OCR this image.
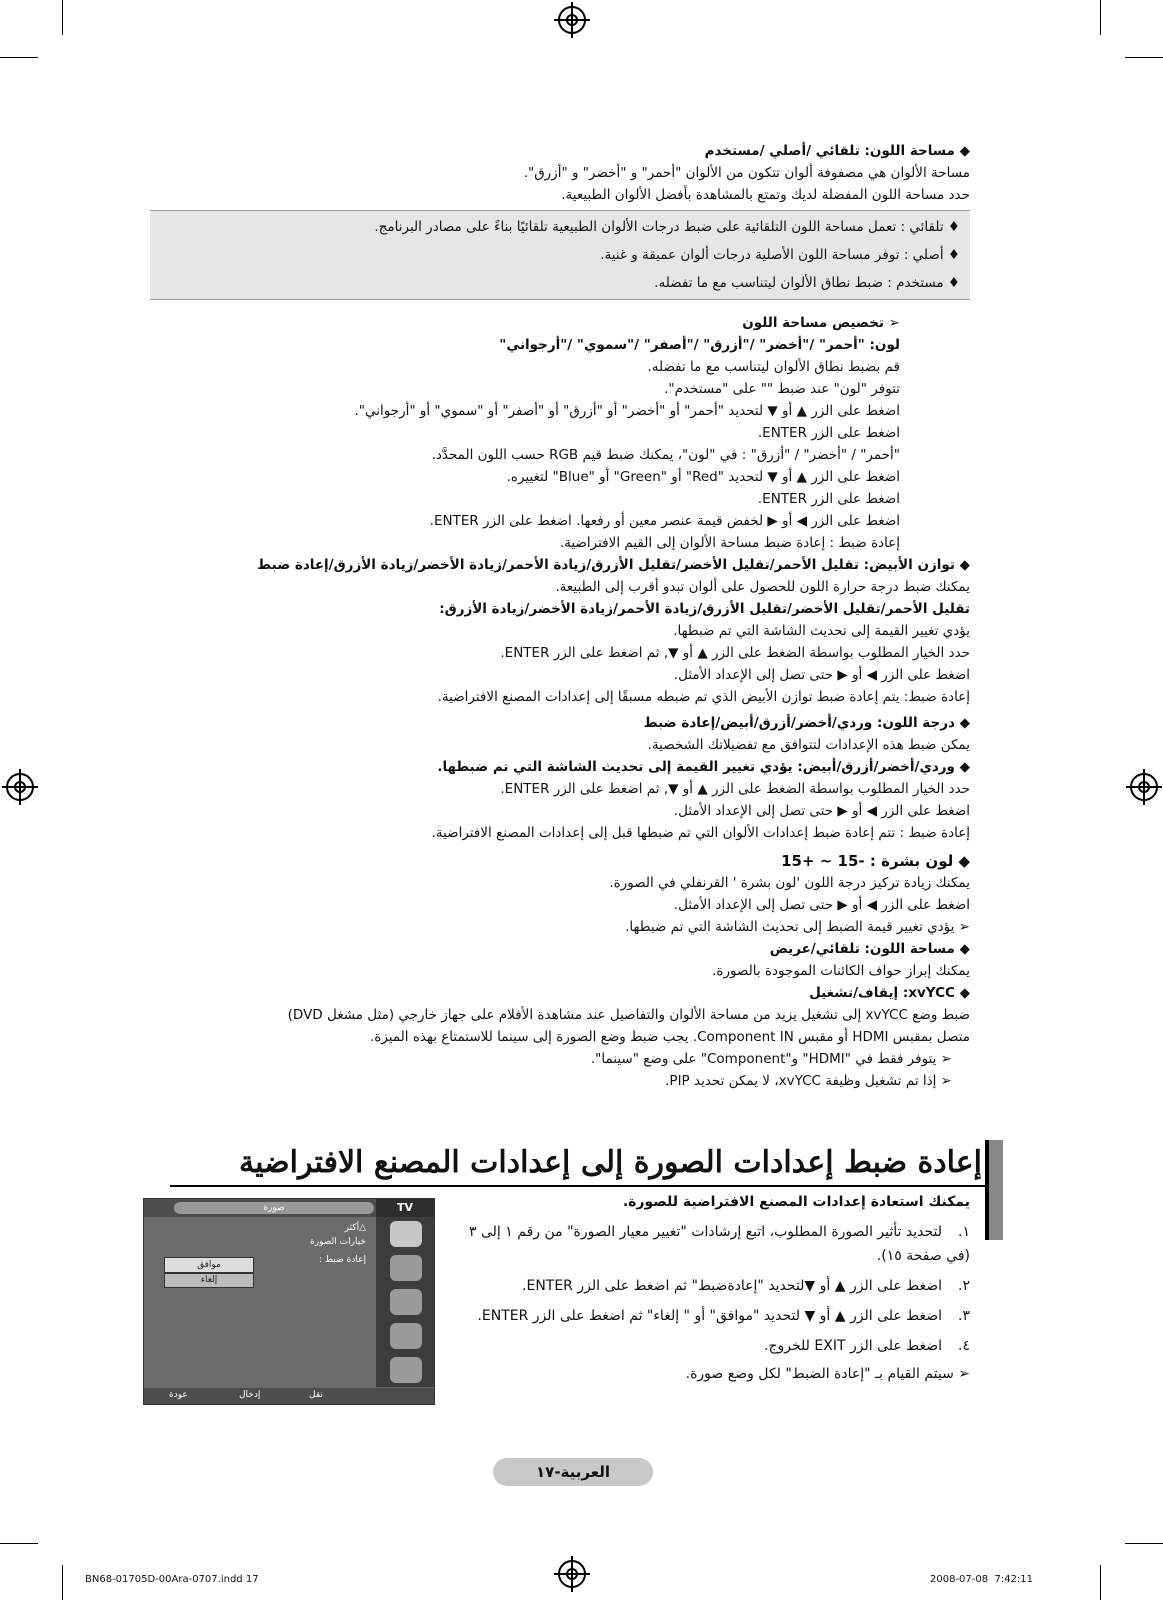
◆ مساحة اللون: تلقائي /أصلي /مستخدم
مساحة الألوان هي مصفوفة ألوان تتكون من الألوان "أحمر" و "أخضر" و "أزرق".
حدد مساحة اللون المفضلة لديك وتمتع بالمشاهدة بأفضل الألوان الطبيعية.
♦ تلقائي : تعمل مساحة اللون التلقائية على ضبط درجات الألوان الطبيعية تلقائيًا بناءً على مصادر البرنامج.
♦ أصلي : توفر مساحة اللون الأصلية درجات ألوان عميقة و غنية.
♦ مستخدم : ضبط نطاق الألوان ليتناسب مع ما تفضله.
➢ تخصيص مساحة اللون
لون: "أحمر" /"أخضر" /"أزرق" /"أصفر" /"سموي" /"أرجواني"
قم بضبط نطاق الألوان ليتناسب مع ما تفضله.
تتوفر "لون" عند ضبط "" على "مستخدم".
اضغط على الزر ▲ أو ▼ لتحديد "أحمر" أو "أخضر" أو "أزرق" أو "أصفر" أو "سموي" أو "أرجواني".
اضغط على الزر ENTER.
"أحمر" / "أخضر" / "أزرق" : في "لون"، يمكنك ضبط قيم RGB حسب اللون المحدَّد.
اضغط على الزر ▲ أو ▼ لتحديد "Red" أو "Green" أو "Blue" لتغييره.
اضغط على الزر ENTER.
اضغط على الزر ◀ أو ▶ لخفض قيمة عنصر معين أو رفعها. اضغط على الزر ENTER.
إعادة ضبط : إعادة ضبط مساحة الألوان إلى القيم الافتراضية.
◆ توازن الأبيض: تقليل الأحمر/تقليل الأخضر/تقليل الأزرق/زيادة الأحمر/زيادة الأخضر/زيادة الأزرق/إعادة ضبط
يمكنك ضبط درجة حرارة اللون للحصول على ألوان تبدو أقرب إلى الطبيعة.
تقليل الأحمر/تقليل الأخضر/تقليل الأزرق/زيادة الأحمر/زيادة الأخضر/زيادة الأزرق:
يؤدي تغيير القيمة إلى تحديث الشاشة التي تم ضبطها.
حدد الخيار المطلوب بواسطة الضغط على الزر ▲ أو ▼, ثم اضغط على الزر ENTER.
اضغط على الزر ◀ أو ▶ حتى تصل إلى الإعداد الأمثل.
إعادة ضبط: يتم إعادة ضبط توازن الأبيض الذي تم ضبطه مسبقًا إلى إعدادات المصنع الافتراضية.
◆ درجة اللون: وردي/أخضر/أزرق/أبيض/إعادة ضبط
يمكن ضبط هذه الإعدادات لتتوافق مع تفضيلاتك الشخصية.
◆ وردي/أخضر/أزرق/أبيض: يؤدي تغيير القيمة إلى تحديث الشاشة التي تم ضبطها.
حدد الخيار المطلوب بواسطة الضغط على الزر ▲ أو ▼, ثم اضغط على الزر ENTER.
اضغط على الزر ◀ أو ▶ حتى تصل إلى الإعداد الأمثل.
إعادة ضبط : تتم إعادة ضبط إعدادات الألوان التي تم ضبطها قبل إلى إعدادات المصنع الافتراضية.
◆ لون بشرة : -15 ~ +15
يمكنك زيادة تركيز درجة اللون 'لون بشرة ' القرنفلي في الصورة.
اضغط على الزر ◀ أو ▶ حتى تصل إلى الإعداد الأمثل.
➢ يؤدي تغيير قيمة الضبط إلى تحديث الشاشة التي تم ضبطها.
◆ مساحة اللون: تلقائي/عريض
يمكنك إبراز حواف الكائنات الموجودة بالصورة.
◆ xvYCC: إيقاف/تشغيل
ضبط وضع xvYCC إلى تشغيل يزيد من مساحة الألوان والتفاصيل عند مشاهدة الأفلام على جهاز خارجي (مثل مشغل DVD)
متصل بمقبس HDMI أو مقبس Component IN. يجب ضبط وضع الصورة إلى سينما للاستمتاع بهذه الميزة.
➢ يتوفر فقط في "HDMI" و"Component" على وضع "سينما".
➢ إذا تم تشغيل وظيفة xvYCC، لا يمكن تحديد PIP.
إعادة ضبط إعدادات الصورة إلى إعدادات المصنع الافتراضية
يمكنك استعادة إعدادات المصنع الافتراضية للصورة.
١.لتحديد تأثير الصورة المطلوب، اتبع إرشادات "تغيير معيار الصورة" من رقم ١ إلى ٣ (في صفحة ١٥).
٢.اضغط على الزر ▲ أو ▼لتحديد "إعادةضبط" ثم اضغط على الزر ENTER.
٣.اضغط على الزر ▲ أو ▼ لتحديد "موافق" أو " إلغاء" ثم اضغط على الزر ENTER.
٤.اضغط على الزر EXIT للخروج.
➢ سيتم القيام بـ "إعادة الضبط" لكل وضع صورة.
صورة	TV
△أكثر
خيارات الصورة
إعادة ضبط :
موافق
إلغاء
عودة	إدخال	نقل
العربية-١٧
BN68-01705D-00Ara-0707.indd 17	2008-07-08 ￼￼ 7:42:11
